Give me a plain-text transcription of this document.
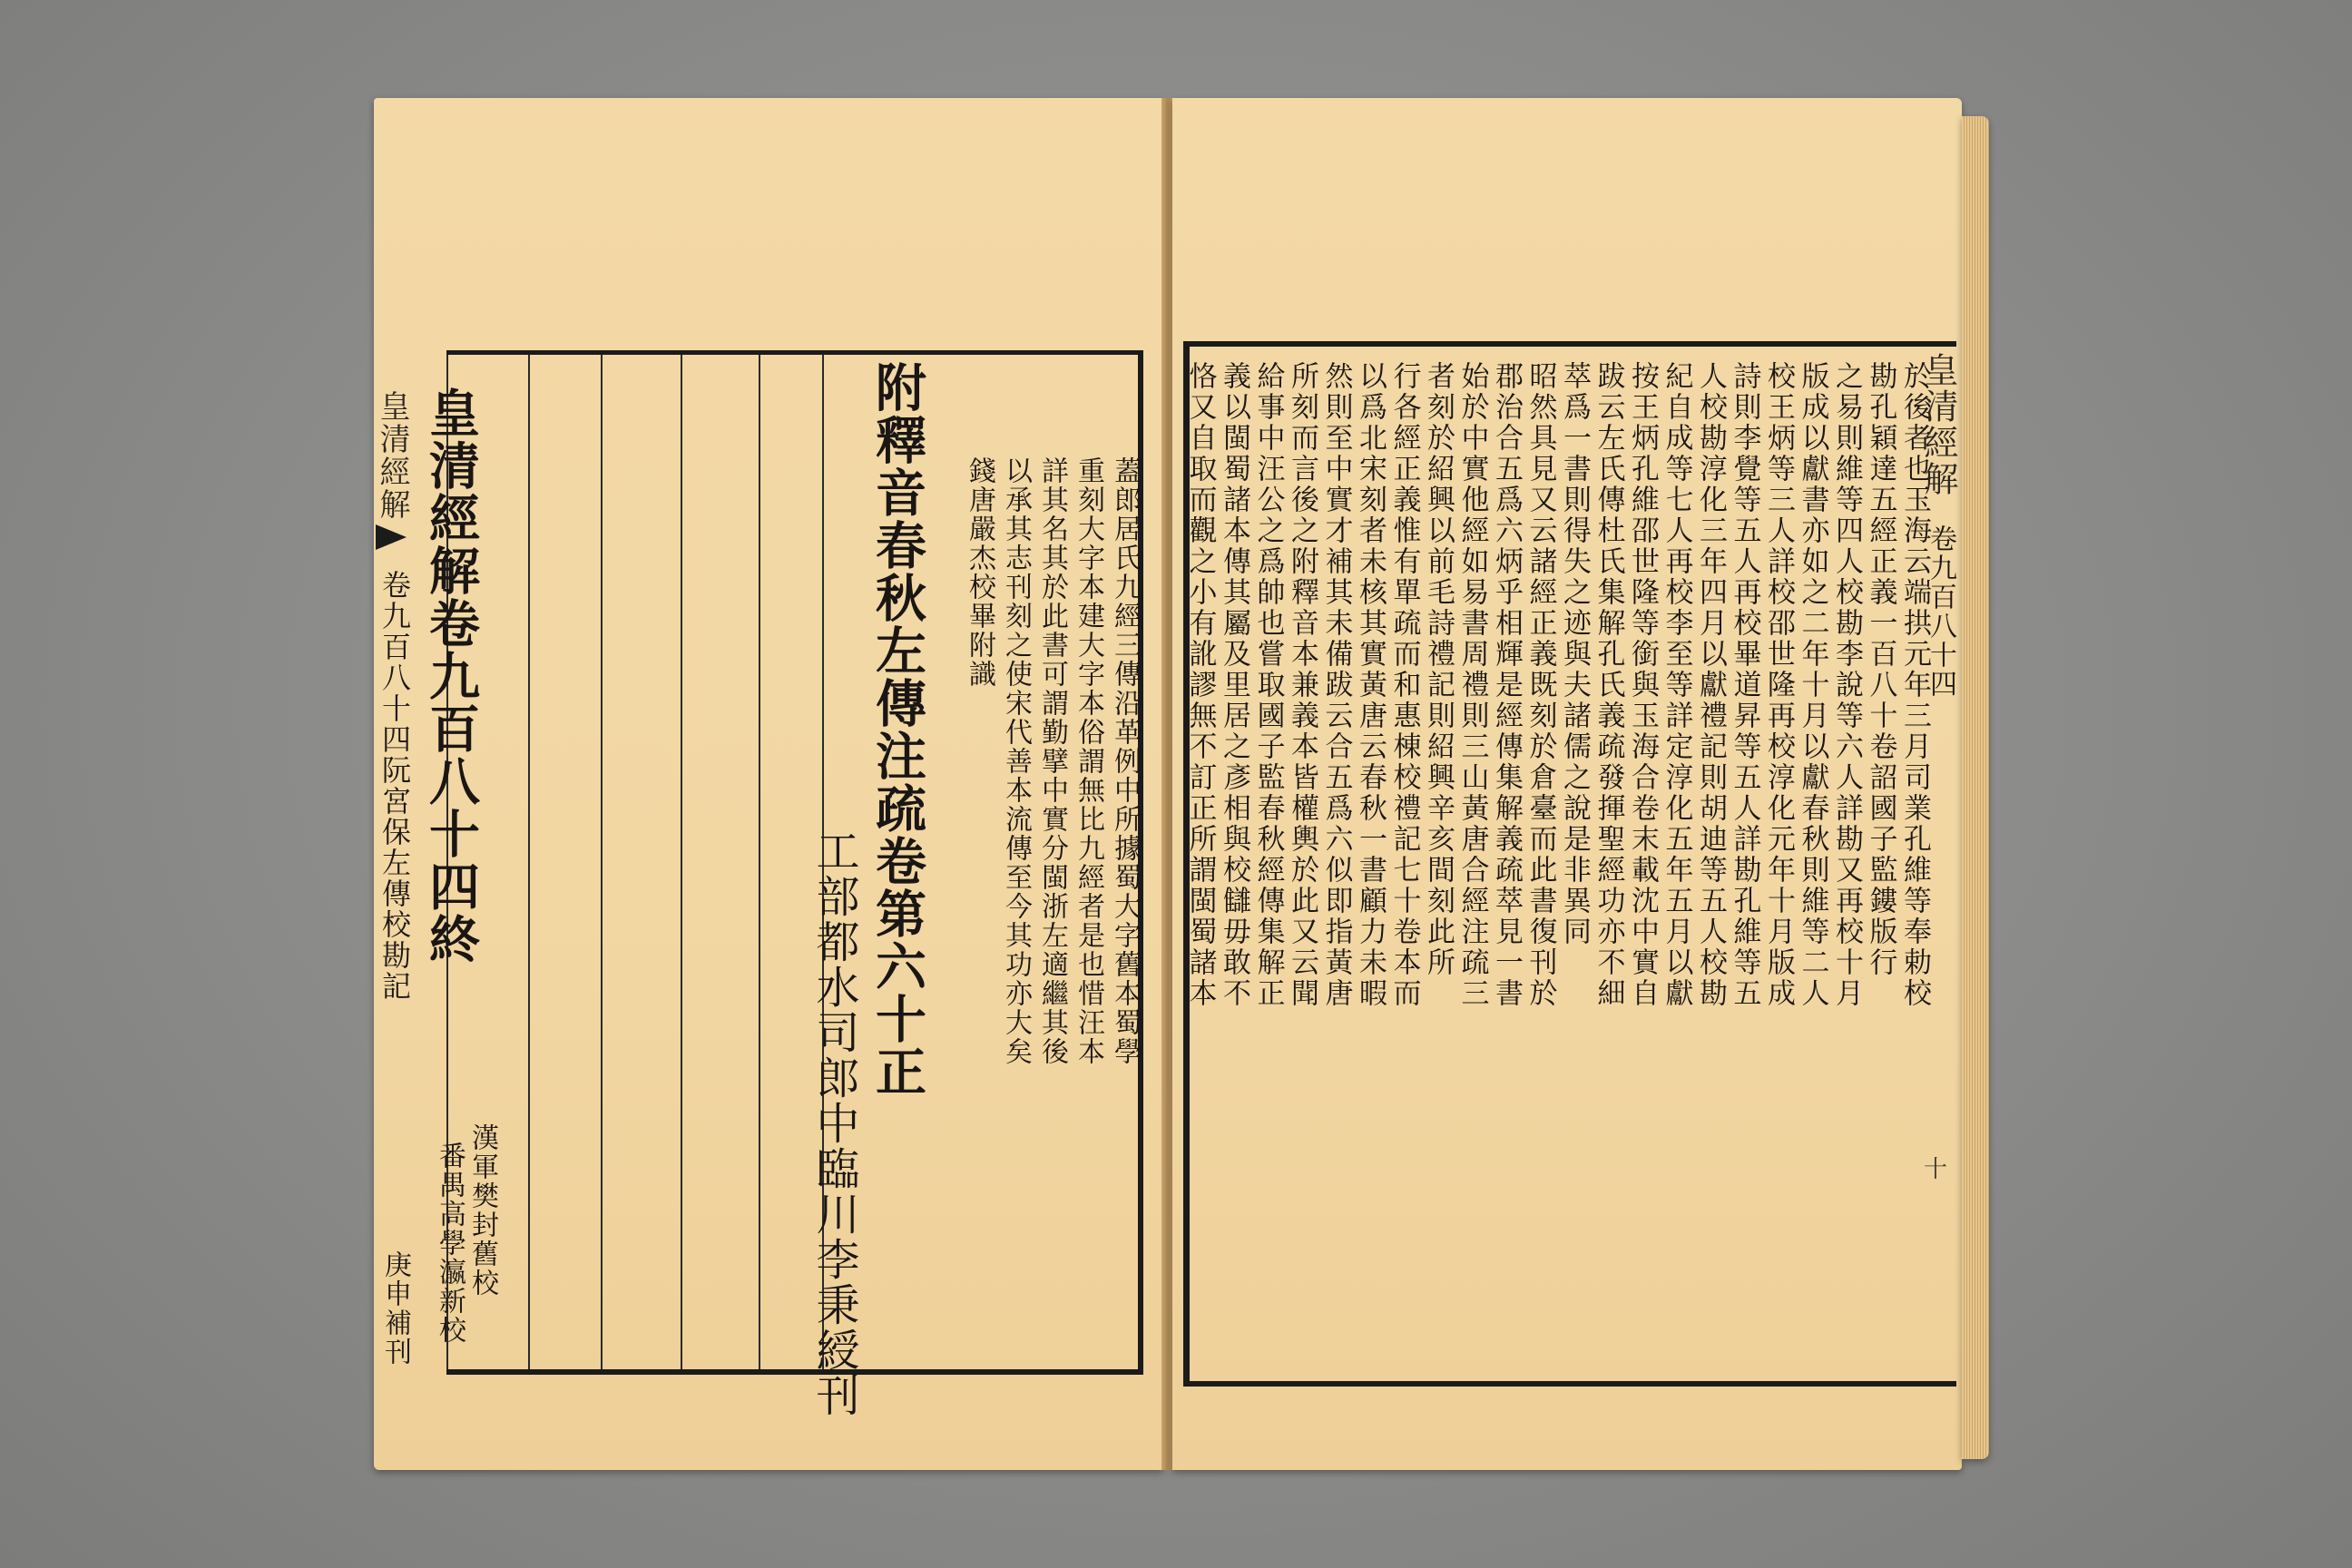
皇清經解
卷九百八十四阮宮保左傳校勘記
庚申補刊
皇清經解卷九百八十四終
漢軍樊封舊校
番禺高學瀛新校	工部都水司郎中臨川李秉綬刊
附釋音春秋左傳注疏卷第六十正	蓋郎居氏九經三傳沿革例中所據蜀大字舊本蜀學
重刻大字本建大字本俗謂無比九經者是也惜汪本
詳其名其於此書可謂勤擘中實分閩浙左適繼其後
以承其志刊刻之使宋代善本流傳至今其功亦大矣
錢唐嚴杰校畢附識	於後者也玉海云端拱元年三月司業孔維等奉勅校
勘孔穎達五經正義一百八十卷詔國子監鏤版行
之易則維等四人校勘李說等六人詳勘又再校十月
版成以獻書亦如之二年十月以獻春秋則維等二人
校王炳等三人詳校邵世隆再校淳化元年十月版成
詩則李覺等五人再校畢道昇等五人詳勘孔維等五
人校勘淳化三年四月以獻禮記則胡迪等五人校勘
紀自成等七人再校李至等詳定淳化五年五月以獻
按王炳孔維邵世隆等銜與玉海合卷末載沈中實自
跋云左氏傳杜氏集解孔氏義疏發揮聖經功亦不細
萃爲一書則得失之迹與夫諸儒之說是非異同
昭然具見又云諸經正義既刻於倉臺而此書復刊於
郡治合五爲六炳乎相輝是經傳集解義疏萃見一書
始於中實他經如易書周禮則三山黃唐合經注疏三
者刻於紹興以前毛詩禮記則紹興辛亥間刻此所
行各經正義惟有單疏而和惠棟校禮記七十卷本而
以爲北宋刻者未核其實黃唐云春秋一書顧力未暇
然則至中實才補其未備跋云合五爲六似即指黃唐
所刻而言後之附釋音本兼義本皆權輿於此又云聞
給事中汪公之爲帥也嘗取國子監春秋經傳集解正
義以閩蜀諸本傳其屬及里居之彥相與校讎毋敢不
恪又自取而觀之小有訛謬無不訂正所謂閩蜀諸本	皇清經解
卷九百八十四
十
